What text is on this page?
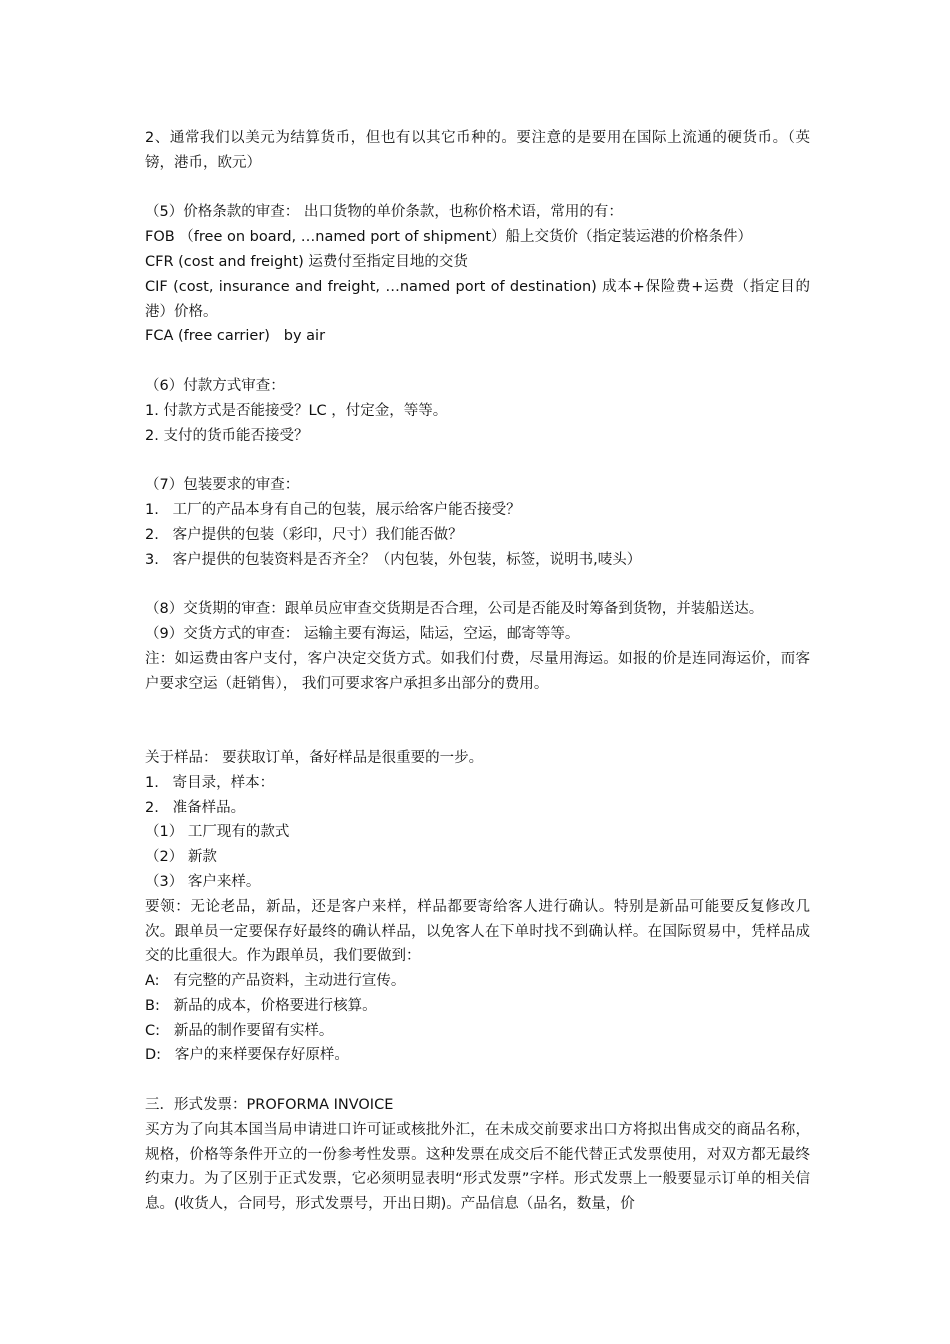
2、通常我们以美元为结算货币，但也有以其它币种的。要注意的是要用在国际上流通的硬货币。（英镑，港币，欧元）
（5）价格条款的审查： 出口货物的单价条款，也称价格术语，常用的有：
FOB （free on board, …named port of shipment）船上交货价（指定装运港的价格条件）
CFR (cost and freight) 运费付至指定目地的交货
CIF (cost, insurance and freight, …named port of destination) 成本+保险费+运费（指定目的港）价格。
FCA (free carrier)   by air
（6）付款方式审查：
1. 付款方式是否能接受？LC ，付定金，等等。
2. 支付的货币能否接受？
（7）包装要求的审查：
1.   工厂的产品本身有自己的包装，展示给客户能否接受？
2.   客户提供的包装（彩印，尺寸）我们能否做？
3.   客户提供的包装资料是否齐全？（内包装，外包装，标签，说明书,唛头）
（8）交货期的审查：跟单员应审查交货期是否合理，公司是否能及时筹备到货物，并装船送达。
（9）交货方式的审查： 运输主要有海运，陆运，空运，邮寄等等。
注：如运费由客户支付，客户决定交货方式。如我们付费，尽量用海运。如报的价是连同海运价，而客户要求空运（赶销售）， 我们可要求客户承担多出部分的费用。
关于样品： 要获取订单，备好样品是很重要的一步。
1.   寄目录，样本：
2.   准备样品。
（1） 工厂现有的款式
（2） 新款
（3） 客户来样。
要领：无论老品，新品，还是客户来样，样品都要寄给客人进行确认。特别是新品可能要反复修改几次。跟单员一定要保存好最终的确认样品，以免客人在下单时找不到确认样。在国际贸易中，凭样品成交的比重很大。作为跟单员，我们要做到：
A:   有完整的产品资料，主动进行宣传。
B:   新品的成本，价格要进行核算。
C:   新品的制作要留有实样。
D:   客户的来样要保存好原样。
三．形式发票：PROFORMA INVOICE
买方为了向其本国当局申请进口许可证或核批外汇，在未成交前要求出口方将拟出售成交的商品名称，规格，价格等条件开立的一份参考性发票。这种发票在成交后不能代替正式发票使用，对双方都无最终约束力。为了区别于正式发票，它必须明显表明“形式发票”字样。形式发票上一般要显示订单的相关信息。(收货人，合同号，形式发票号，开出日期)。产品信息（品名，数量，价
